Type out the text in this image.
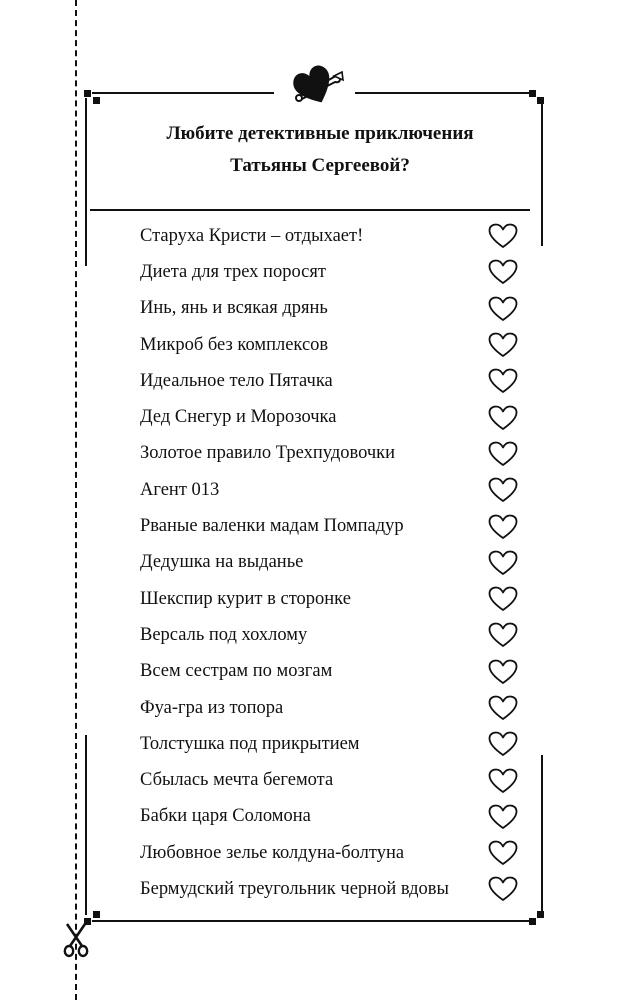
Любите детективные приключения
Татьяны Сергеевой?
Старуха Кристи – отдыхает!
Диета для трех поросят
Инь, янь и всякая дрянь
Микроб без комплексов
Идеальное тело Пятачка
Дед Снегур и Морозочка
Золотое правило Трехпудовочки
Агент 013
Рваные валенки мадам Помпадур
Дедушка на выданье
Шекспир курит в сторонке
Версаль под хохлому
Всем сестрам по мозгам
Фуа-гра из топора
Толстушка под прикрытием
Сбылась мечта бегемота
Бабки царя Соломона
Любовное зелье колдуна-болтуна
Бермудский треугольник черной вдовы
